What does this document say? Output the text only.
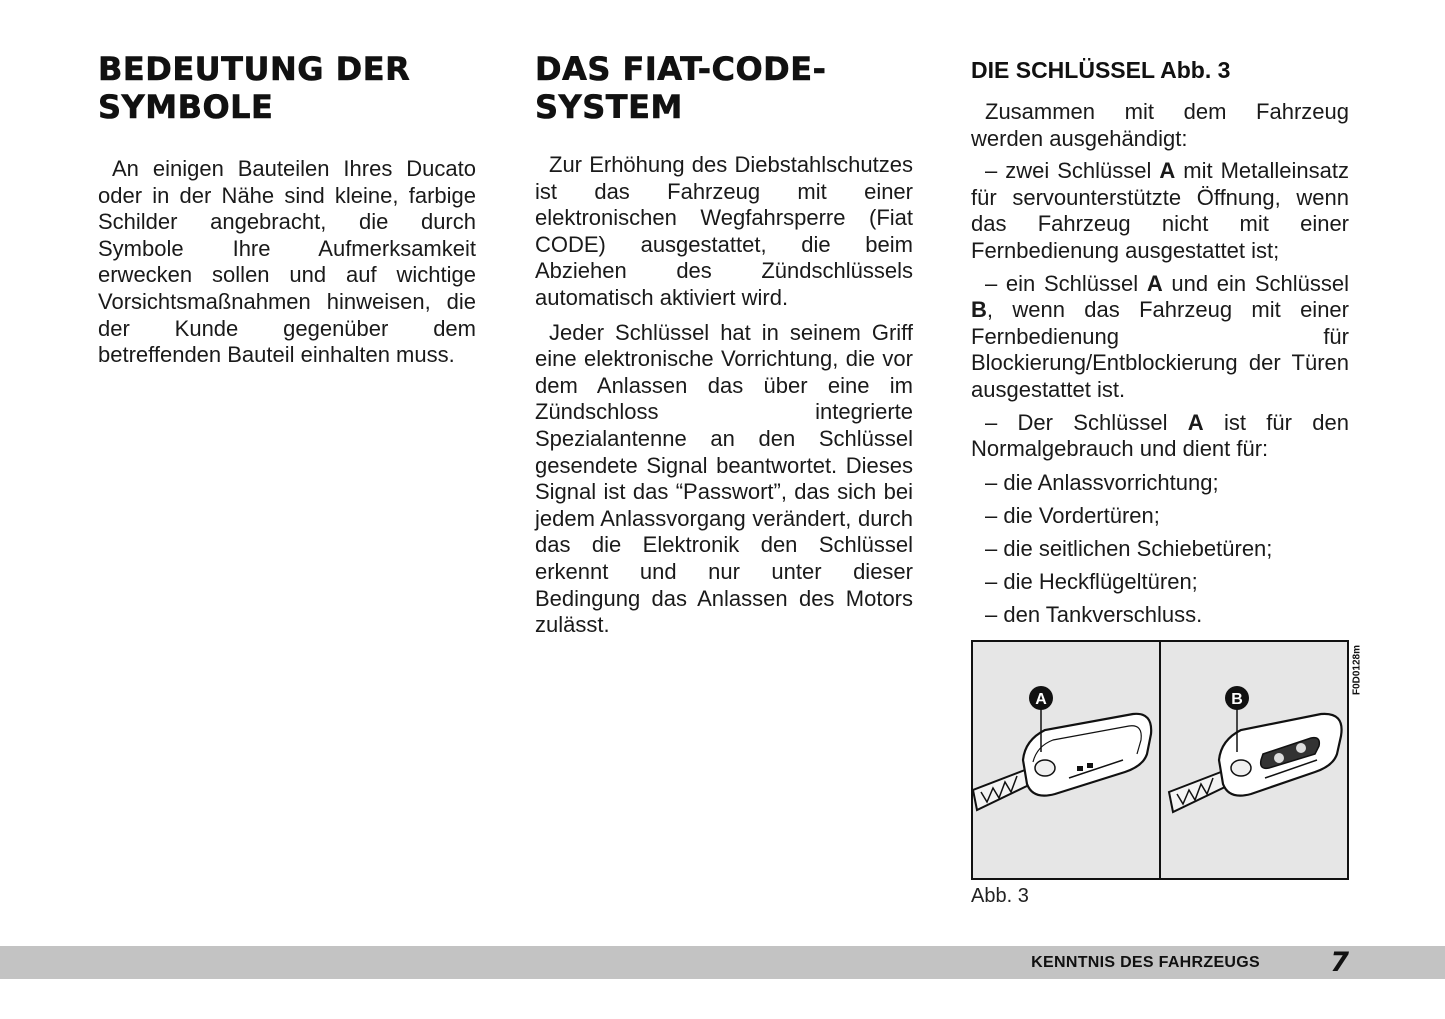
BEDEUTUNG DER SYMBOLE

An einigen Bauteilen Ihres Ducato oder in der Nähe sind kleine, farbige Schilder angebracht, die durch Symbole Ihre Aufmerksamkeit erwecken sollen und auf wichtige Vorsichtsmaßnahmen hinweisen, die der Kunde gegenüber dem betreffenden Bauteil einhalten muss.

DAS FIAT-CODE-SYSTEM

Zur Erhöhung des Diebstahlschutzes ist das Fahrzeug mit einer elektronischen Wegfahrsperre (Fiat CODE) ausgestattet, die beim Abziehen des Zündschlüssels automatisch aktiviert wird.

Jeder Schlüssel hat in seinem Griff eine elektronische Vorrichtung, die vor dem Anlassen das über eine im Zündschloss integrierte Spezialantenne an den Schlüssel gesendete Signal beantwortet. Dieses Signal ist das “Passwort”, das sich bei jedem Anlassvorgang verändert, durch das die Elektronik den Schlüssel erkennt und nur unter dieser Bedingung das Anlassen des Motors zulässt.

DIE SCHLÜSSEL Abb. 3

Zusammen mit dem Fahrzeug werden ausgehändigt:

– zwei Schlüssel A mit Metalleinsatz für servounterstützte Öffnung, wenn das Fahrzeug nicht mit einer Fernbedienung ausgestattet ist;

– ein Schlüssel A und ein Schlüssel B, wenn das Fahrzeug mit einer Fernbedienung für Blockierung/Entblockierung der Türen ausgestattet ist.

– Der Schlüssel A ist für den Normalgebrauch und dient für:

– die Anlassvorrichtung;

– die Vordertüren;

– die seitlichen Schiebetüren;

– die Heckflügeltüren;

– den Tankverschluss.

A	B
F0D0128m
Abb. 3
KENNTNIS DES FAHRZEUGS	7
